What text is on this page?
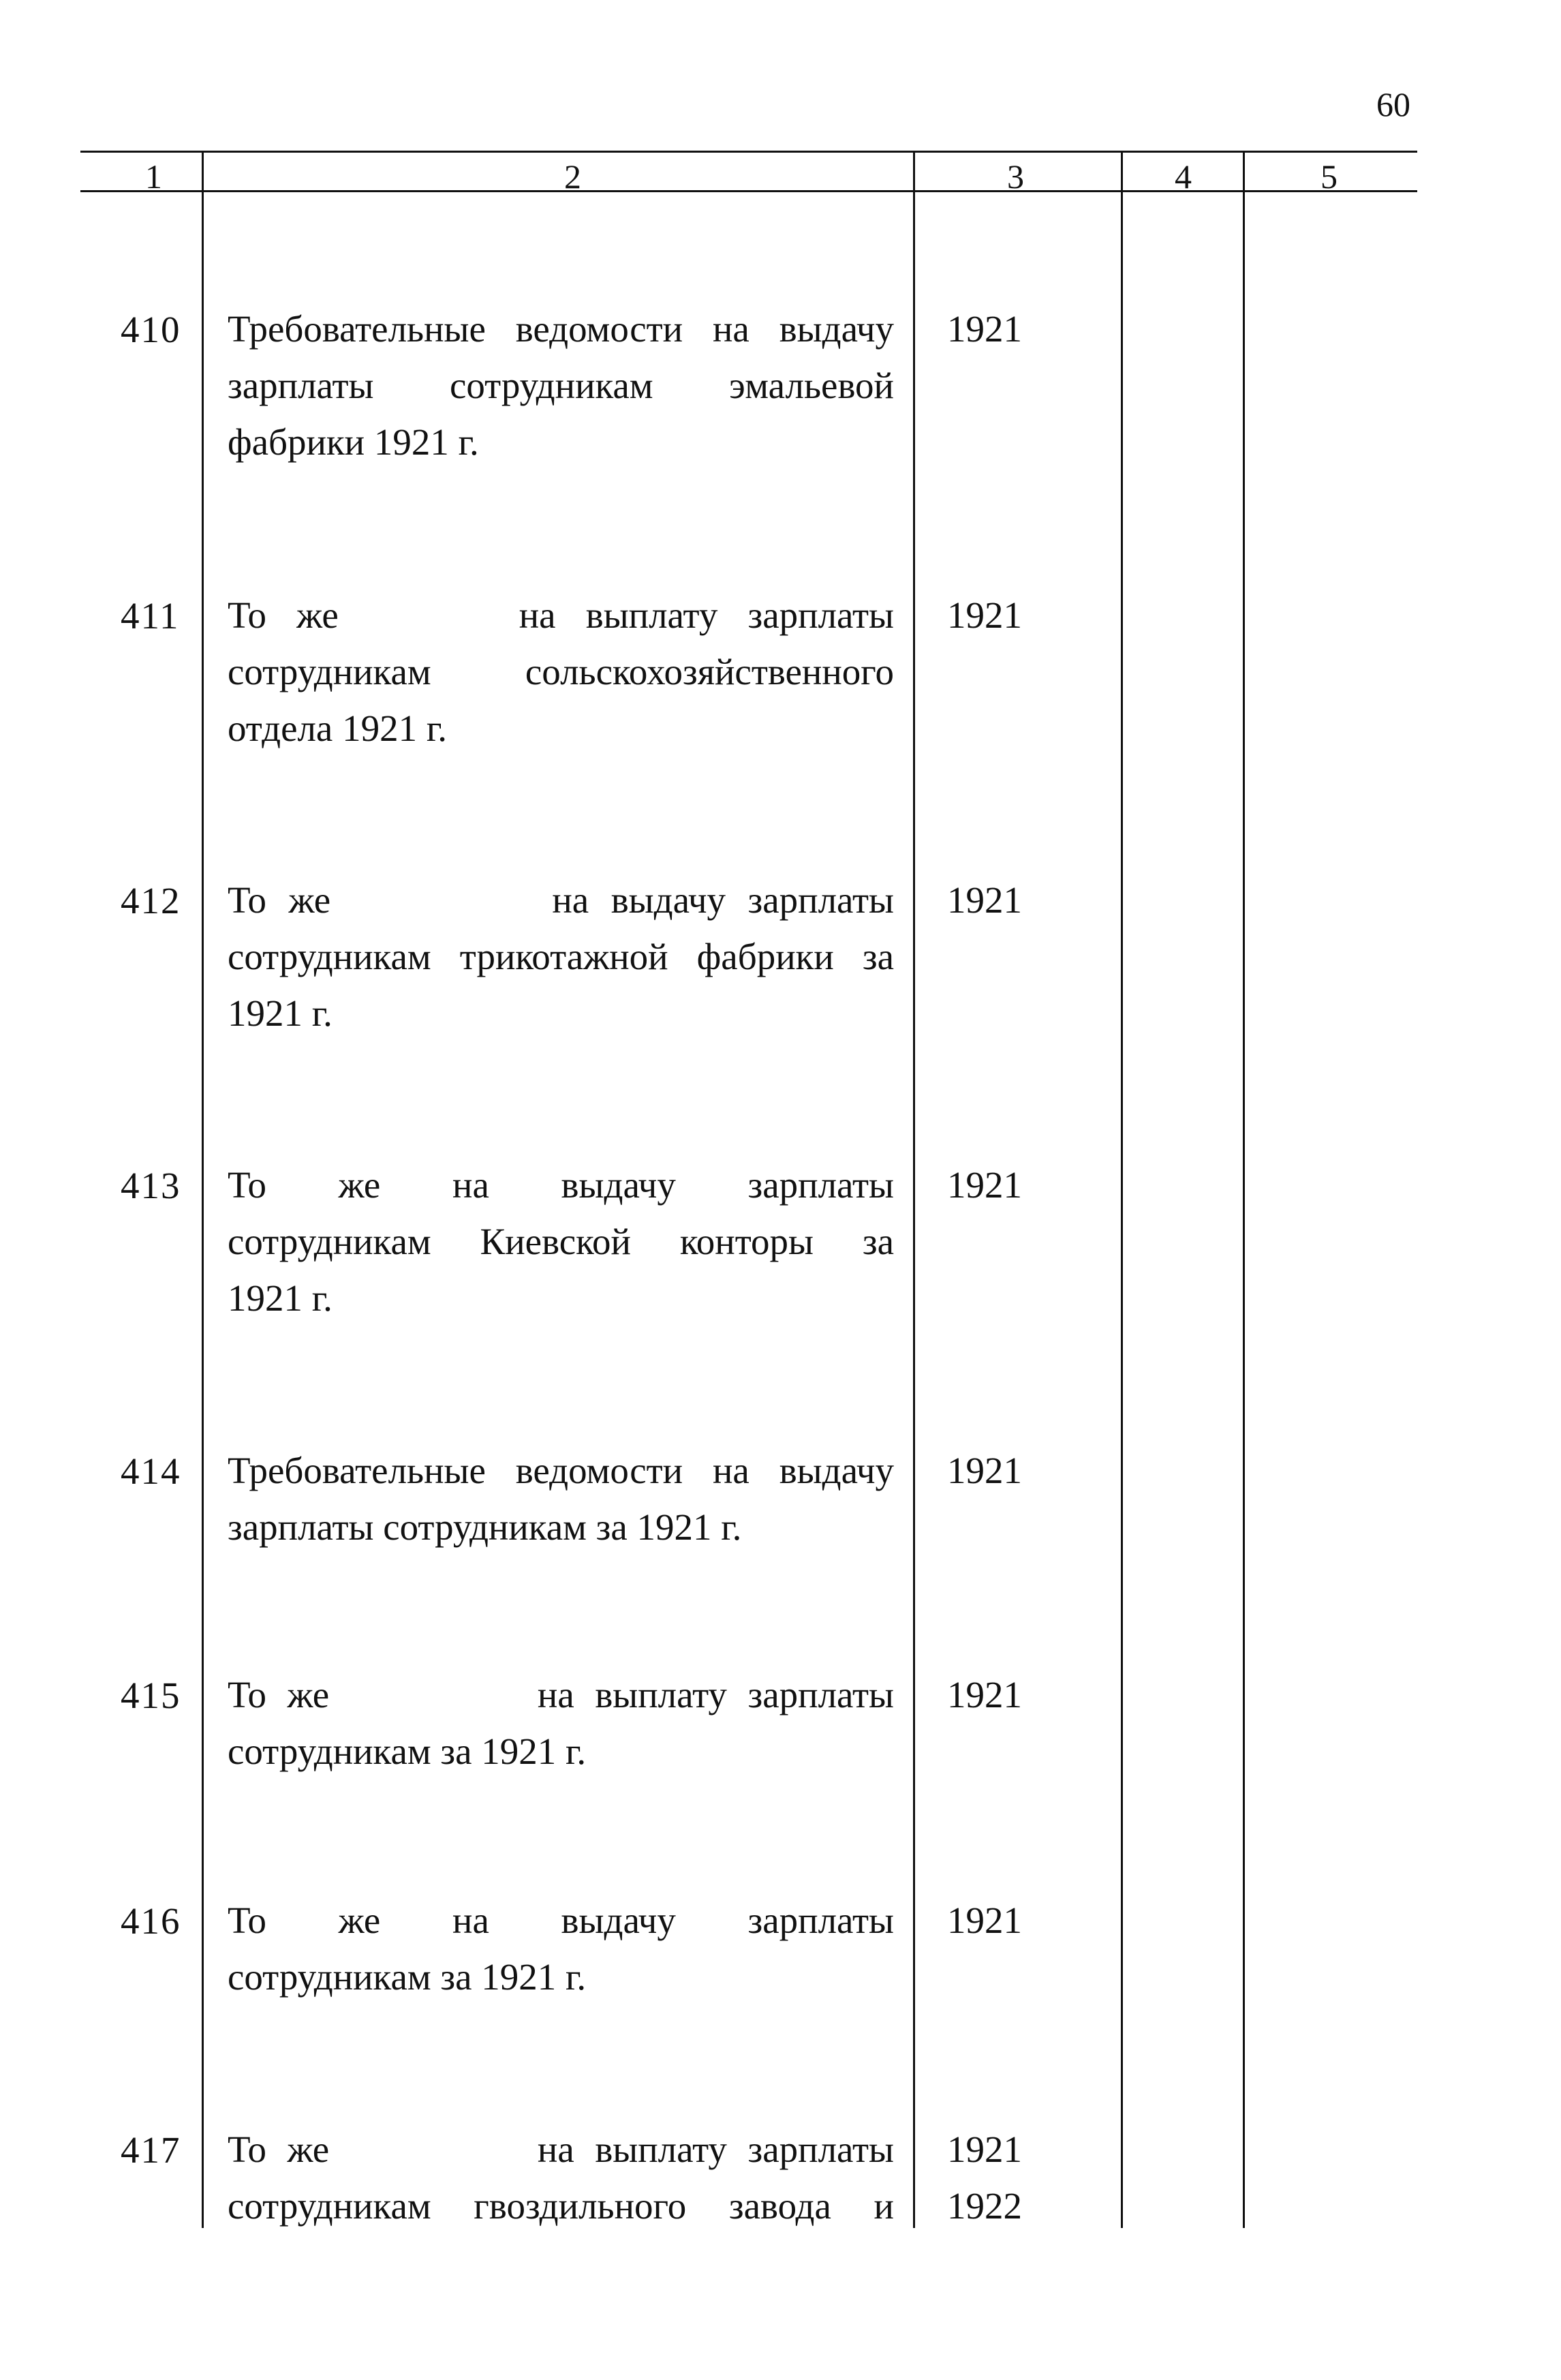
60
1	2	3	4	5
410 Требовательные ведомости на выдачу
зарплаты сотрудникам эмальевой
фабрики 1921 г.
1921
411 То же      на выплату зарплаты
сотрудникам сольскохозяйственного
отдела 1921 г.
1921
412 То же          на выдачу зарплаты
сотрудникам трикотажной фабрики за
1921 г.
1921
413 То же на выдачу зарплаты
сотрудникам Киевской конторы за
1921 г.
1921
414 Требовательные ведомости на выдачу
зарплаты сотрудникам за 1921 г.
1921
415 То же          на выплату зарплаты
сотрудникам за 1921 г.
1921
416 То же на выдачу зарплаты
сотрудникам за 1921 г.
1921
417 То же          на выплату зарплаты
сотрудникам гвоздильного завода и
1921
1922
